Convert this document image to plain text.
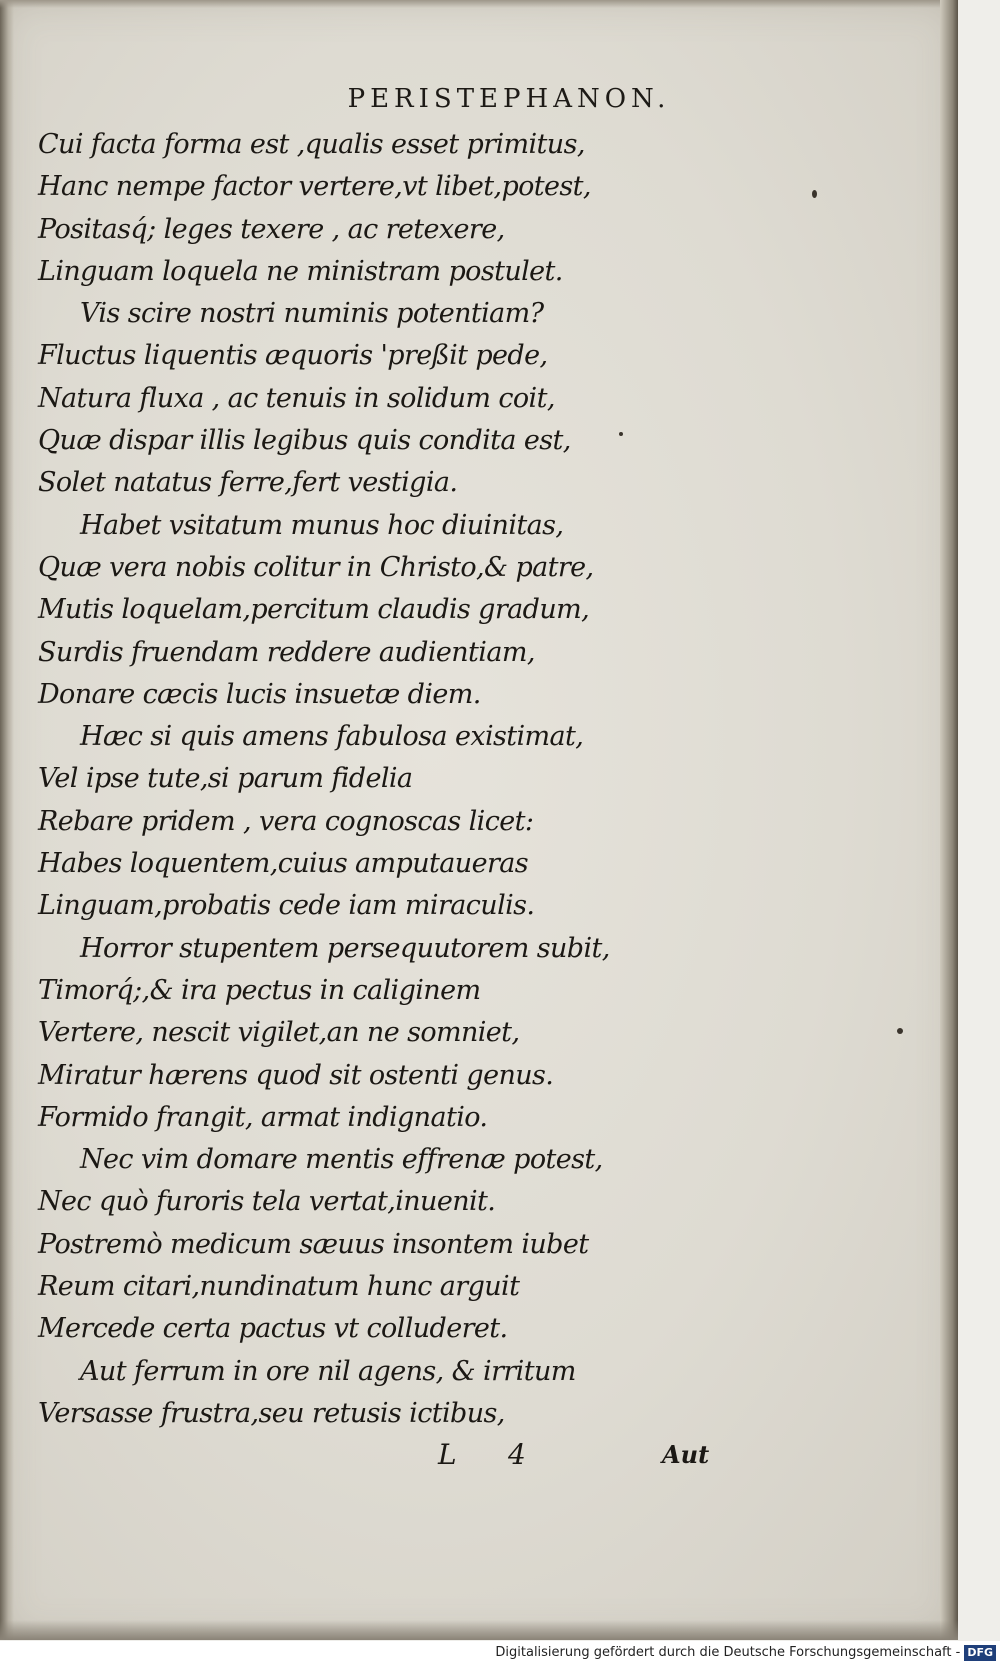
PERISTEPHANON.
Cui facta forma est ,qualis esset primitus,
Hanc nempe factor vertere,vt libet,potest,
Positasq́; leges texere , ac retexere,
Linguam loquela ne ministram postulet.
Vis scire nostri numinis potentiam?
Fluctus liquentis æquoris 'preßit pede,
Natura fluxa , ac tenuis in solidum coit,
Quæ dispar illis legibus quis condita est,
Solet natatus ferre,fert vestigia.
Habet vsitatum munus hoc diuinitas,
Quæ vera nobis colitur in Christo,& patre,
Mutis loquelam,percitum claudis gradum,
Surdis fruendam reddere audientiam,
Donare cæcis lucis insuetæ diem.
Hæc si quis amens fabulosa existimat,
Vel ipse tute,si parum fidelia
Rebare pridem , vera cognoscas licet:
Habes loquentem,cuius amputaueras
Linguam,probatis cede iam miraculis.
Horror stupentem persequutorem subit,
Timorq́;,& ira pectus in caliginem
Vertere, nescit vigilet,an ne somniet,
Miratur hærens quod sit ostenti genus.
Formido frangit, armat indignatio.
Nec vim domare mentis effrenæ potest,
Nec quò furoris tela vertat,inuenit.
Postremò medicum sæuus insontem iubet
Reum citari,nundinatum hunc arguit
Mercede certa pactus vt colluderet.
Aut ferrum in ore nil agens, & irritum
Versasse frustra,seu retusis ictibus,
L 4	Aut
Digitalisierung gefördert durch die Deutsche Forschungsgemeinschaft - DFG
